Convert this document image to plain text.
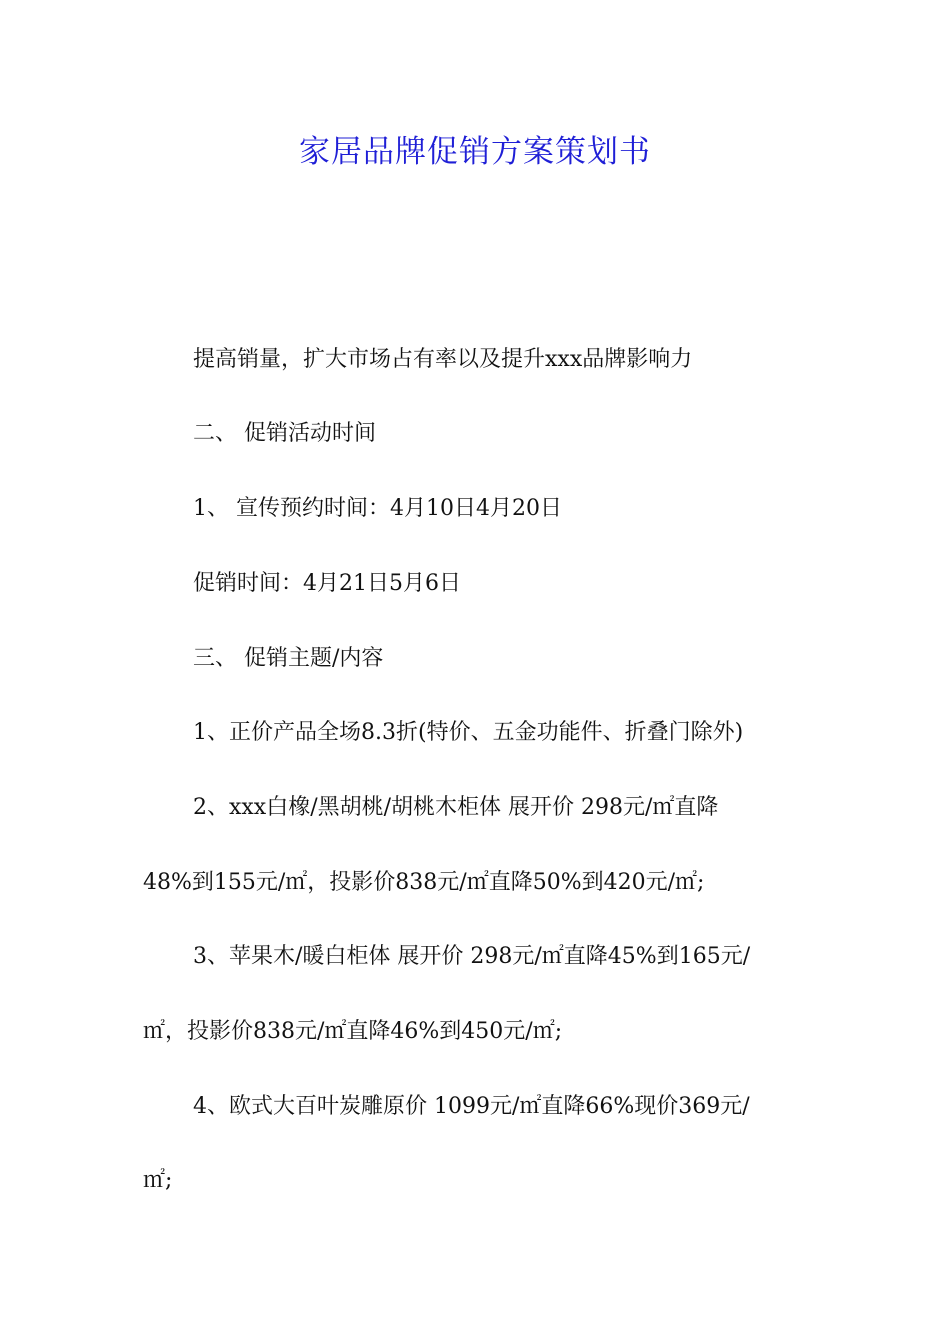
家居品牌促销方案策划书
提高销量，扩大市场占有率以及提升xxx品牌影响力
二、 促销活动时间
1、 宣传预约时间：4月10日4月20日
促销时间：4月21日5月6日
三、 促销主题/内容
1、正价产品全场8.3折(特价、五金功能件、折叠门除外)
2、xxx白橡/黑胡桃/胡桃木柜体 展开价 298元/㎡直降
48%到155元/㎡，投影价838元/㎡直降50%到420元/㎡;
3、苹果木/暖白柜体 展开价 298元/㎡直降45%到165元/
㎡，投影价838元/㎡直降46%到450元/㎡;
4、欧式大百叶炭雕原价 1099元/㎡直降66%现价369元/
㎡;
